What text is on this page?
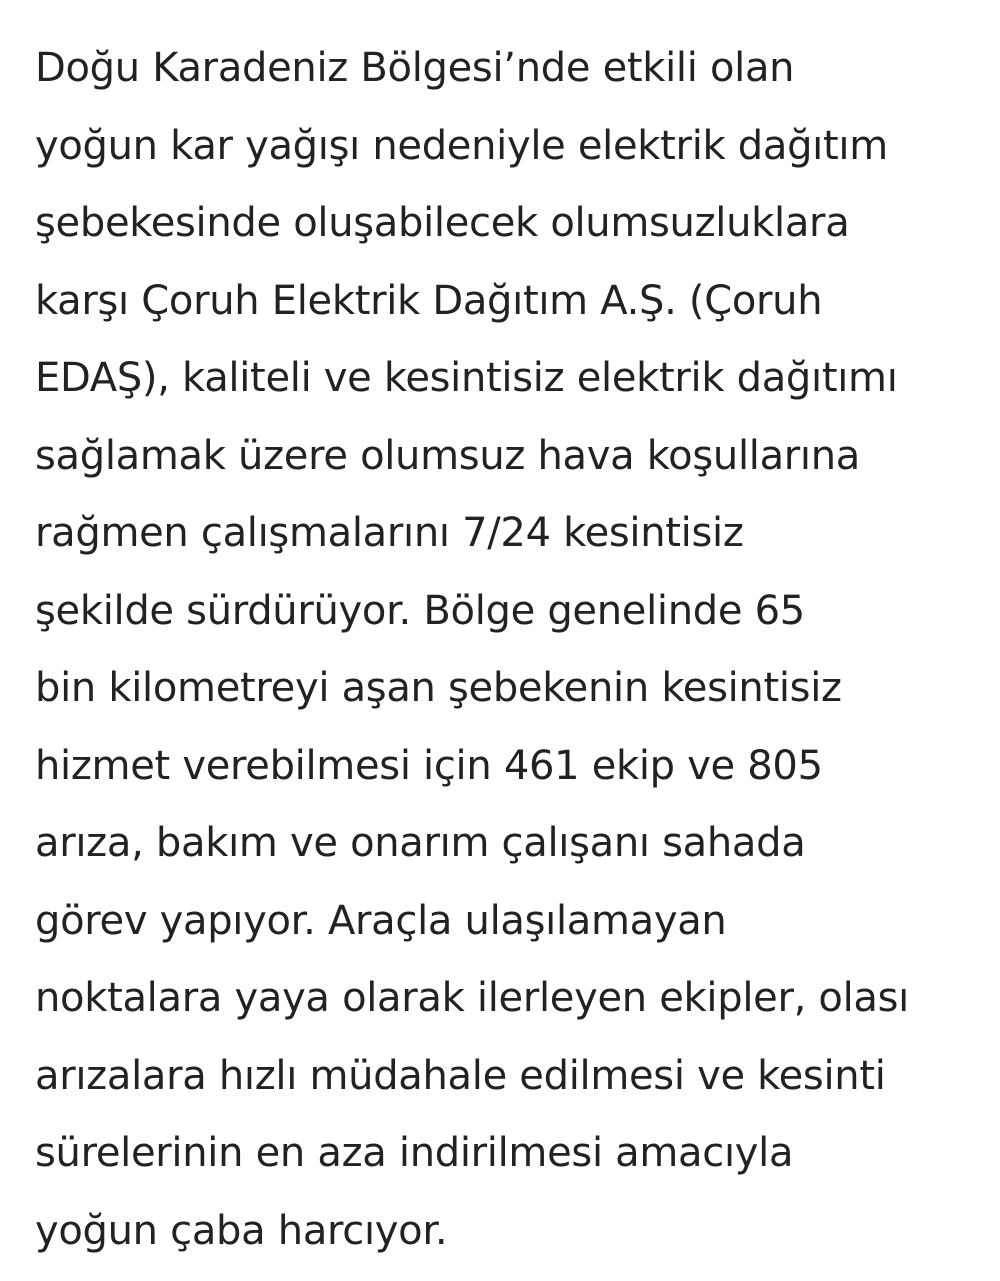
Doğu Karadeniz Bölgesi’nde etkili olan
yoğun kar yağışı nedeniyle elektrik dağıtım
şebekesinde oluşabilecek olumsuzluklara
karşı Çoruh Elektrik Dağıtım A.Ş. (Çoruh
EDAŞ), kaliteli ve kesintisiz elektrik dağıtımı
sağlamak üzere olumsuz hava koşullarına
rağmen çalışmalarını 7/24 kesintisiz
şekilde sürdürüyor. Bölge genelinde 65
bin kilometreyi aşan şebekenin kesintisiz
hizmet verebilmesi için 461 ekip ve 805
arıza, bakım ve onarım çalışanı sahada
görev yapıyor. Araçla ulaşılamayan
noktalara yaya olarak ilerleyen ekipler, olası
arızalara hızlı müdahale edilmesi ve kesinti
sürelerinin en aza indirilmesi amacıyla
yoğun çaba harcıyor.
